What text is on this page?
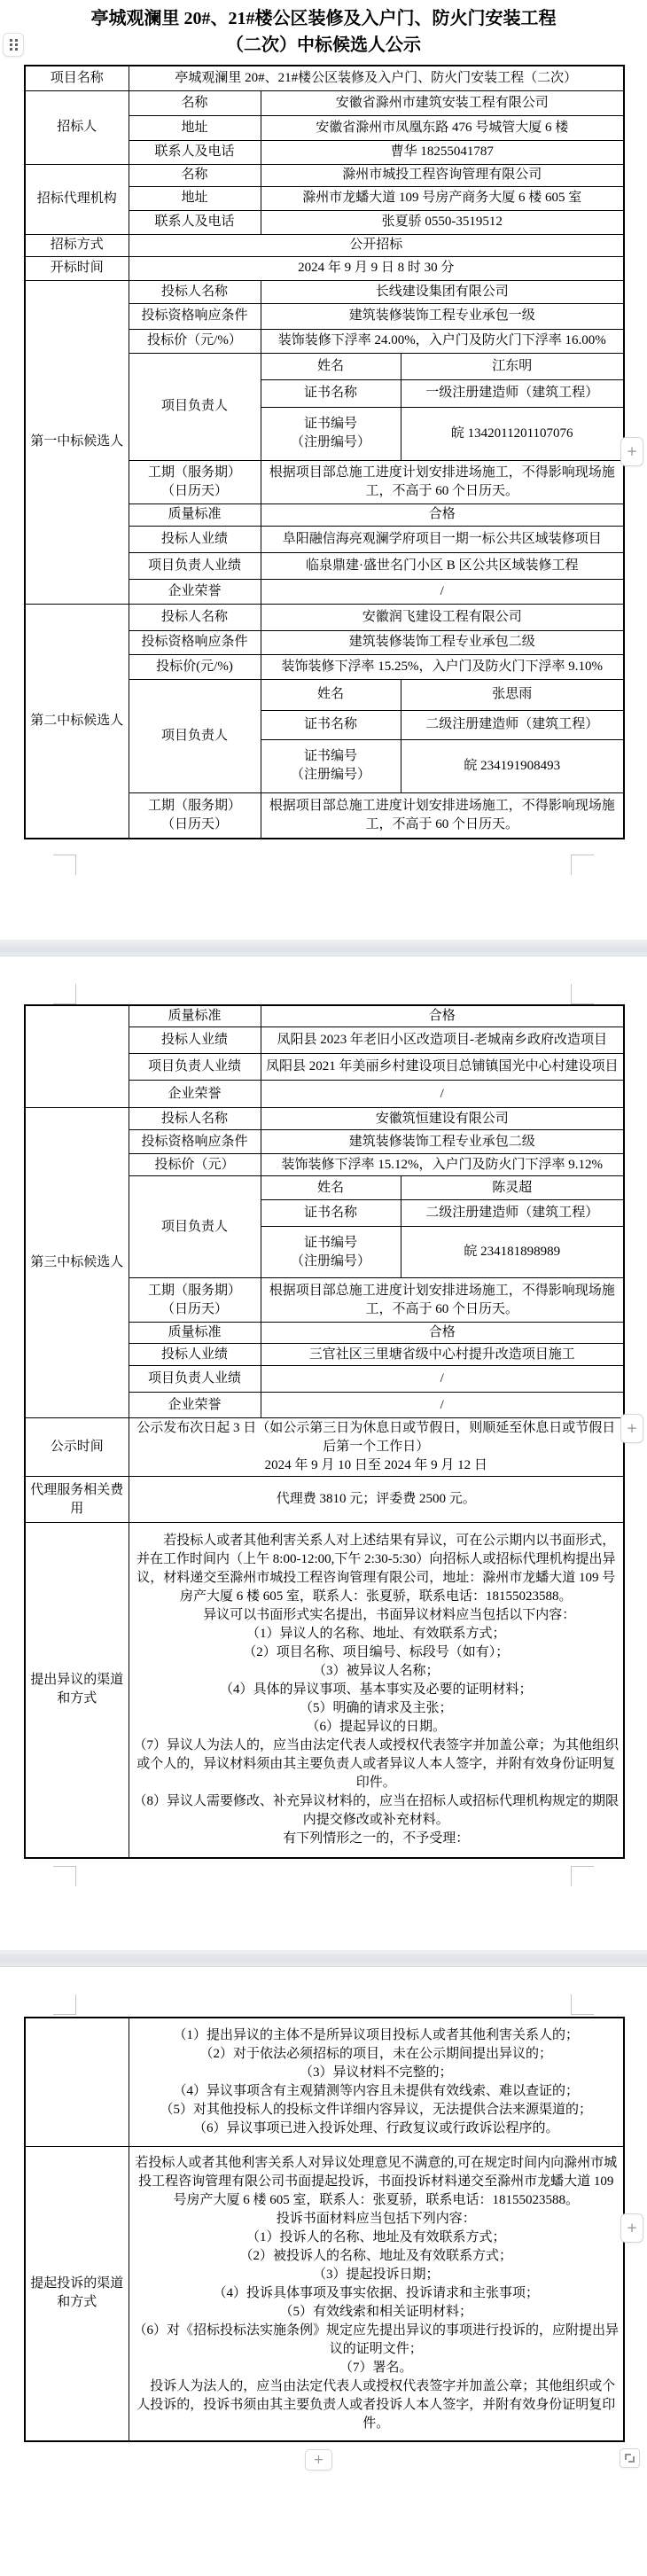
亭城观澜里 20#、21#楼公区装修及入户门、防火门安装工程
（二次）中标候选人公示
项目名称	亭城观澜里 20#、21#楼公区装修及入户门、防火门安装工程（二次）		
招标人	名称	安徽省滁州市建筑安装工程有限公司	
	地址	安徽省滁州市凤凰东路 476 号城管大厦 6 楼	
	联系人及电话	曹华 18255041787	
招标代理机构	名称	滁州市城投工程咨询管理有限公司	
	地址	滁州市龙蟠大道 109 号房产商务大厦 6 楼 605 室	
	联系人及电话	张夏骄 0550-3519512	
招标方式	公开招标		
开标时间	2024 年 9 月 9 日 8 时 30 分		
第一中标候选人	投标人名称	长线建设集团有限公司	
	投标资格响应条件	建筑装修装饰工程专业承包一级	
	投标价（元/%）	装饰装修下浮率 24.00%，入户门及防火门下浮率 16.00%	
	项目负责人	姓名	江东明
		证书名称	一级注册建造师（建筑工程）
		证书编号
（注册编号）	皖 1342011201107076
	工期（服务期）
（日历天）	根据项目部总施工进度计划安排进场施工，不得影响现场施工，不高于 60 个日历天。	
	质量标准	合格	
	投标人业绩	阜阳融信海亮观澜学府项目一期一标公共区域装修项目	
	项目负责人业绩	临泉鼎建·盛世名门小区 B 区公共区域装修工程	
	企业荣誉	/	
第二中标候选人	投标人名称	安徽润飞建设工程有限公司	
	投标资格响应条件	建筑装修装饰工程专业承包二级	
	投标价(元/%)	装饰装修下浮率 15.25%，入户门及防火门下浮率 9.10%	
	项目负责人	姓名	张思雨
		证书名称	二级注册建造师（建筑工程）
		证书编号
（注册编号）	皖 234191908493
	工期（服务期）
（日历天）	根据项目部总施工进度计划安排进场施工，不得影响现场施工，不高于 60 个日历天。	
	质量标准	合格	
	投标人业绩	凤阳县 2023 年老旧小区改造项目-老城南乡政府改造项目	
	项目负责人业绩	凤阳县 2021 年美丽乡村建设项目总铺镇国光中心村建设项目	
	企业荣誉	/	
第三中标候选人	投标人名称	安徽筑恒建设有限公司	
	投标资格响应条件	建筑装修装饰工程专业承包二级	
	投标价（元）	装饰装修下浮率 15.12%，入户门及防火门下浮率 9.12%	
	项目负责人	姓名	陈灵超
		证书名称	二级注册建造师（建筑工程）
		证书编号
（注册编号）	皖 234181898989
	工期（服务期）
（日历天）	根据项目部总施工进度计划安排进场施工，不得影响现场施工，不高于 60 个日历天。	
	质量标准	合格	
	投标人业绩	三官社区三里塘省级中心村提升改造项目施工	
	项目负责人业绩	/	
	企业荣誉	/	
公示时间	公示发布次日起 3 日（如公示第三日为休息日或节假日，则顺延至休息日或节假日后第一个工作日）
2024 年 9 月 10 日至 2024 年 9 月 12 日		

代理服务相关费用	代理费 3810 元；评委费 2500 元。		
提出异议的渠道和方式	

若投标人或者其他利害关系人对上述结果有异议，可在公示期内以书面形式，并在工作时间内（上午 8:00-12:00,下午 2:30-5:30）向招标人或招标代理机构提出异议，材料递交至滁州市城投工程咨询管理有限公司，地址：滁州市龙蟠大道 109 号房产大厦 6 楼 605 室，联系人：张夏骄，联系电话：18155023588。

异议可以书面形式实名提出，书面异议材料应当包括以下内容：

（1）异议人的名称、地址、有效联系方式；

（2）项目名称、项目编号、标段号（如有）；

（3）被异议人名称；

（4）具体的异议事项、基本事实及必要的证明材料；

（5）明确的请求及主张；

（6）提起异议的日期。

（7）异议人为法人的，应当由法定代表人或授权代表签字并加盖公章；为其他组织或个人的，异议材料须由其主要负责人或者异议人本人签字，并附有效身份证明复印件。

（8）异议人需要修改、补充异议材料的，应当在招标人或招标代理机构规定的期限内提交修改或补充材料。

有下列情形之一的，不予受理：

（1）提出异议的主体不是所异议项目投标人或者其他利害关系人的；

（2）对于依法必须招标的项目，未在公示期间提出异议的；

（3）异议材料不完整的；

（4）异议事项含有主观猜测等内容且未提供有效线索、难以查证的；

（5）对其他投标人的投标文件详细内容异议，无法提供合法来源渠道的；

（6）异议事项已进入投诉处理、行政复议或行政诉讼程序的。

提起投诉的渠道和方式	

若投标人或者其他利害关系人对异议处理意见不满意的,可在规定时间内向滁州市城投工程咨询管理有限公司书面提起投诉，书面投诉材料递交至滁州市龙蟠大道 109 号房产大厦 6 楼 605 室，联系人：张夏骄，联系电话：18155023588。

投诉书面材料应当包括下列内容：

（1）投诉人的名称、地址及有效联系方式；

（2）被投诉人的名称、地址及有效联系方式；

（3）提起投诉日期；

（4）投诉具体事项及事实依据、投诉请求和主张事项；

（5）有效线索和相关证明材料；

（6）对《招标投标法实施条例》规定应先提出异议的事项进行投诉的，应附提出异议的证明文件；

（7）署名。

投诉人为法人的，应当由法定代表人或授权代表签字并加盖公章；其他组织或个人投诉的，投诉书须由其主要负责人或者投诉人本人签字，并附有效身份证明复印件。

+
+
+
+
